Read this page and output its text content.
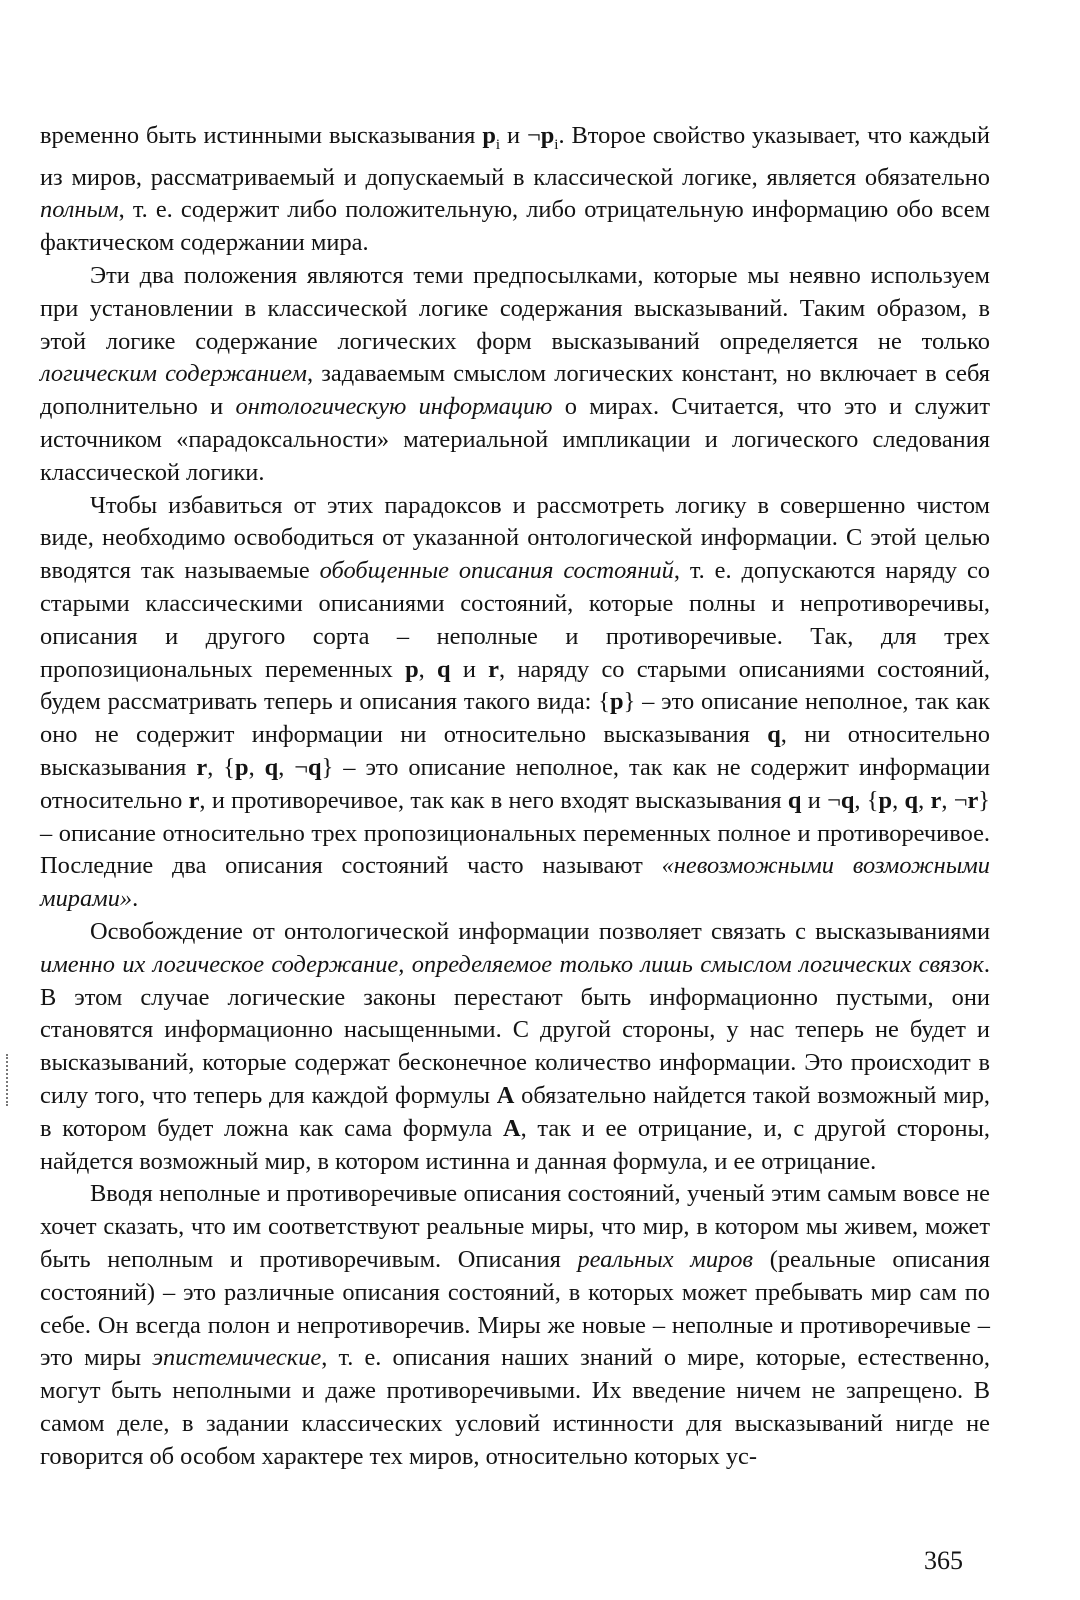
временно быть истинными высказывания $p_i$ и $\neg p_i$. Второе свойство указывает, что каждый из миров, рассматриваемый и допускаемый в классической логике, является обязательно полным, т. е. содержит либо положительную, либо отрицательную информацию обо всем фактическом содержании мира.

Эти два положения являются теми предпосылками, которые мы неявно используем при установлении в классической логике содержания высказываний. Таким образом, в этой логике содержание логических форм высказываний определяется не только логическим содержанием, задаваемым смыслом логических констант, но включает в себя дополнительно и онтологическую информацию о мирах. Считается, что это и служит источником «парадоксальности» материальной импликации и логического следования классической логики.

Чтобы избавиться от этих парадоксов и рассмотреть логику в совершенно чистом виде, необходимо освободиться от указанной онтологической информации. С этой целью вводятся так называемые обобщенные описания состояний, т. е. допускаются наряду со старыми классическими описаниями состояний, которые полны и непротиворечивы, описания и другого сорта – неполные и противоречивые. Так, для трех пропозициональных переменных p, q и r, наряду со старыми описаниями состояний, будем рассматривать теперь и описания такого вида: {p} – это описание неполное, так как оно не содержит информации ни относительно высказывания q, ни относительно высказывания r, {p, q, ¬q} – это описание неполное, так как не содержит информации относительно r, и противоречивое, так как в него входят высказывания q и ¬q, {p, q, r, ¬r} – описание относительно трех пропозициональных переменных полное и противоречивое. Последние два описания состояний часто называют «невозможными возможными мирами».

Освобождение от онтологической информации позволяет связать с высказываниями именно их логическое содержание, определяемое только лишь смыслом логических связок. В этом случае логические законы перестают быть информационно пустыми, они становятся информационно насыщенными. С другой стороны, у нас теперь не будет и высказываний, которые содержат бесконечное количество информации. Это происходит в силу того, что теперь для каждой формулы A обязательно найдется такой возможный мир, в котором будет ложна как сама формула A, так и ее отрицание, и, с другой стороны, найдется возможный мир, в котором истинна и данная формула, и ее отрицание.

Вводя неполные и противоречивые описания состояний, ученый этим самым вовсе не хочет сказать, что им соответствуют реальные миры, что мир, в котором мы живем, может быть неполным и противоречивым. Описания реальных миров (реальные описания состояний) – это различные описания состояний, в которых может пребывать мир сам по себе. Он всегда полон и непротиворечив. Миры же новые – неполные и противоречивые – это миры эпистемические, т. е. описания наших знаний о мире, которые, естественно, могут быть неполными и даже противоречивыми. Их введение ничем не запрещено. В самом деле, в задании классических условий истинности для высказываний нигде не говорится об особом характере тех миров, относительно которых ус-

365
